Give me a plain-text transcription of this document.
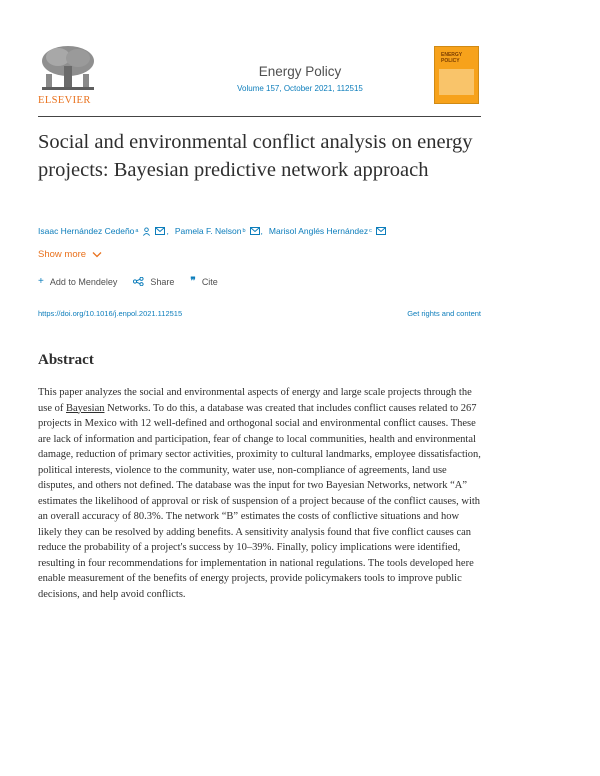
ELSEVIER
Energy Policy
Volume 157, October 2021, 112515
ENERGY
POLICY
Social and environmental conflict analysis on energy projects: Bayesian predictive network approach
Isaac Hernández Cedeño a	, Pamela F. Nelson b , Marisol Anglés Hernández c
Show more
+ Add to Mendeley	Share ❞ Cite
https://doi.org/10.1016/j.enpol.2021.112515	Get rights and content
Abstract

This paper analyzes the social and environmental aspects of energy and large scale projects through the use of Bayesian Networks. To do this, a database was created that includes conflict causes related to 267 projects in Mexico with 12 well-defined and orthogonal social and environmental conflict causes. These are lack of information and participation, fear of change to local communities, health and environmental damage, reduction of primary sector activities, proximity to cultural landmarks, employee dissatisfaction, political interests, violence to the community, water use, non-compliance of agreements, land use disputes, and others not defined. The database was the input for two Bayesian Networks, network “A” estimates the likelihood of approval or risk of suspension of a project because of the conflict causes, with an overall accuracy of 80.3%. The network “B” estimates the costs of conflictive situations and how likely they can be resolved by adding benefits. A sensitivity analysis found that five conflict causes can reduce the probability of a project's success by 10–39%. Finally, policy implications were identified, resulting in four recommendations for implementation in national regulations. The tools developed here enable measurement of the benefits of energy projects, provide policymakers tools to improve public decisions, and help avoid conflicts.
